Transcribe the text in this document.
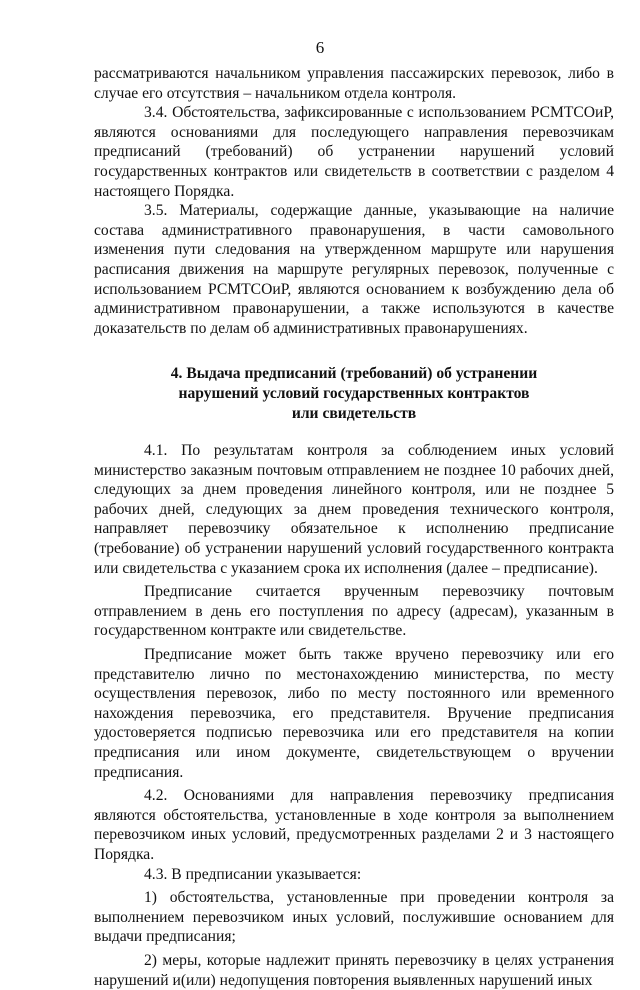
6

рассматриваются начальником управления пассажирских перевозок, либо в случае его отсутствия – начальником отдела контроля.

3.4. Обстоятельства, зафиксированные с использованием РСМТСОиР, являются основаниями для последующего направления перевозчикам предписаний (требований) об устранении нарушений условий государственных контрактов или свидетельств в соответствии с разделом 4 настоящего Порядка.

3.5. Материалы, содержащие данные, указывающие на наличие состава административного правонарушения, в части самовольного изменения пути следования на утвержденном маршруте или нарушения расписания движения на маршруте регулярных перевозок, полученные с использованием РСМТСОиР, являются основанием к возбуждению дела об административном правонарушении, а также используются в качестве доказательств по делам об административных правонарушениях.

4. Выдача предписаний (требований) об устранении
нарушений условий государственных контрактов
или свидетельств

4.1. По результатам контроля за соблюдением иных условий министерство заказным почтовым отправлением не позднее 10 рабочих дней, следующих за днем проведения линейного контроля, или не позднее 5 рабочих дней, следующих за днем проведения технического контроля, направляет перевозчику обязательное к исполнению предписание (требование) об устранении нарушений условий государственного контракта или свидетельства с указанием срока их исполнения (далее – предписание).

Предписание считается врученным перевозчику почтовым отправлением в день его поступления по адресу (адресам), указанным в государственном контракте или свидетельстве.

Предписание может быть также вручено перевозчику или его представителю лично по местонахождению министерства, по месту осуществления перевозок, либо по месту постоянного или временного нахождения перевозчика, его представителя. Вручение предписания удостоверяется подписью перевозчика или его представителя на копии предписания или ином документе, свидетельствующем о вручении предписания.

4.2. Основаниями для направления перевозчику предписания являются обстоятельства, установленные в ходе контроля за выполнением перевозчиком иных условий, предусмотренных разделами 2 и 3 настоящего Порядка.

4.3. В предписании указывается:

1) обстоятельства, установленные при проведении контроля за выполнением перевозчиком иных условий, послужившие основанием для выдачи предписания;

2) меры, которые надлежит принять перевозчику в целях устранения нарушений и(или) недопущения повторения выявленных нарушений иных
